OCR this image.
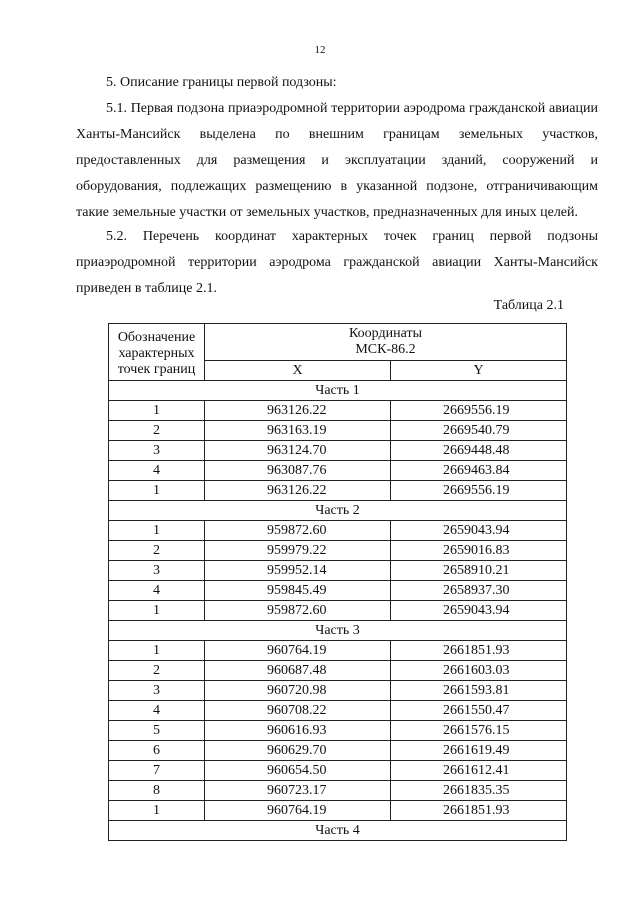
12
5. Описание границы первой подзоны:
5.1. Первая подзона приаэродромной территории аэродрома гражданской авиации Ханты-Мансийск выделена по внешним границам земельных участков, предоставленных для размещения и эксплуатации зданий, сооружений и оборудования, подлежащих размещению в указанной подзоне, отграничивающим такие земельные участки от земельных участков, предназначенных для иных целей.
5.2. Перечень координат характерных точек границ первой подзоны приаэродромной территории аэродрома гражданской авиации Ханты-Мансийск приведен в таблице 2.1.
Таблица 2.1
Обозначение
характерных
точек границ	Координаты
МСК-86.2	
	X	Y
Часть 1		
1	963126.22	2669556.19
2	963163.19	2669540.79
3	963124.70	2669448.48
4	963087.76	2669463.84
1	963126.22	2669556.19
Часть 2		
1	959872.60	2659043.94
2	959979.22	2659016.83
3	959952.14	2658910.21
4	959845.49	2658937.30
1	959872.60	2659043.94
Часть 3		
1	960764.19	2661851.93
2	960687.48	2661603.03
3	960720.98	2661593.81
4	960708.22	2661550.47
5	960616.93	2661576.15
6	960629.70	2661619.49
7	960654.50	2661612.41
8	960723.17	2661835.35
1	960764.19	2661851.93
Часть 4		
